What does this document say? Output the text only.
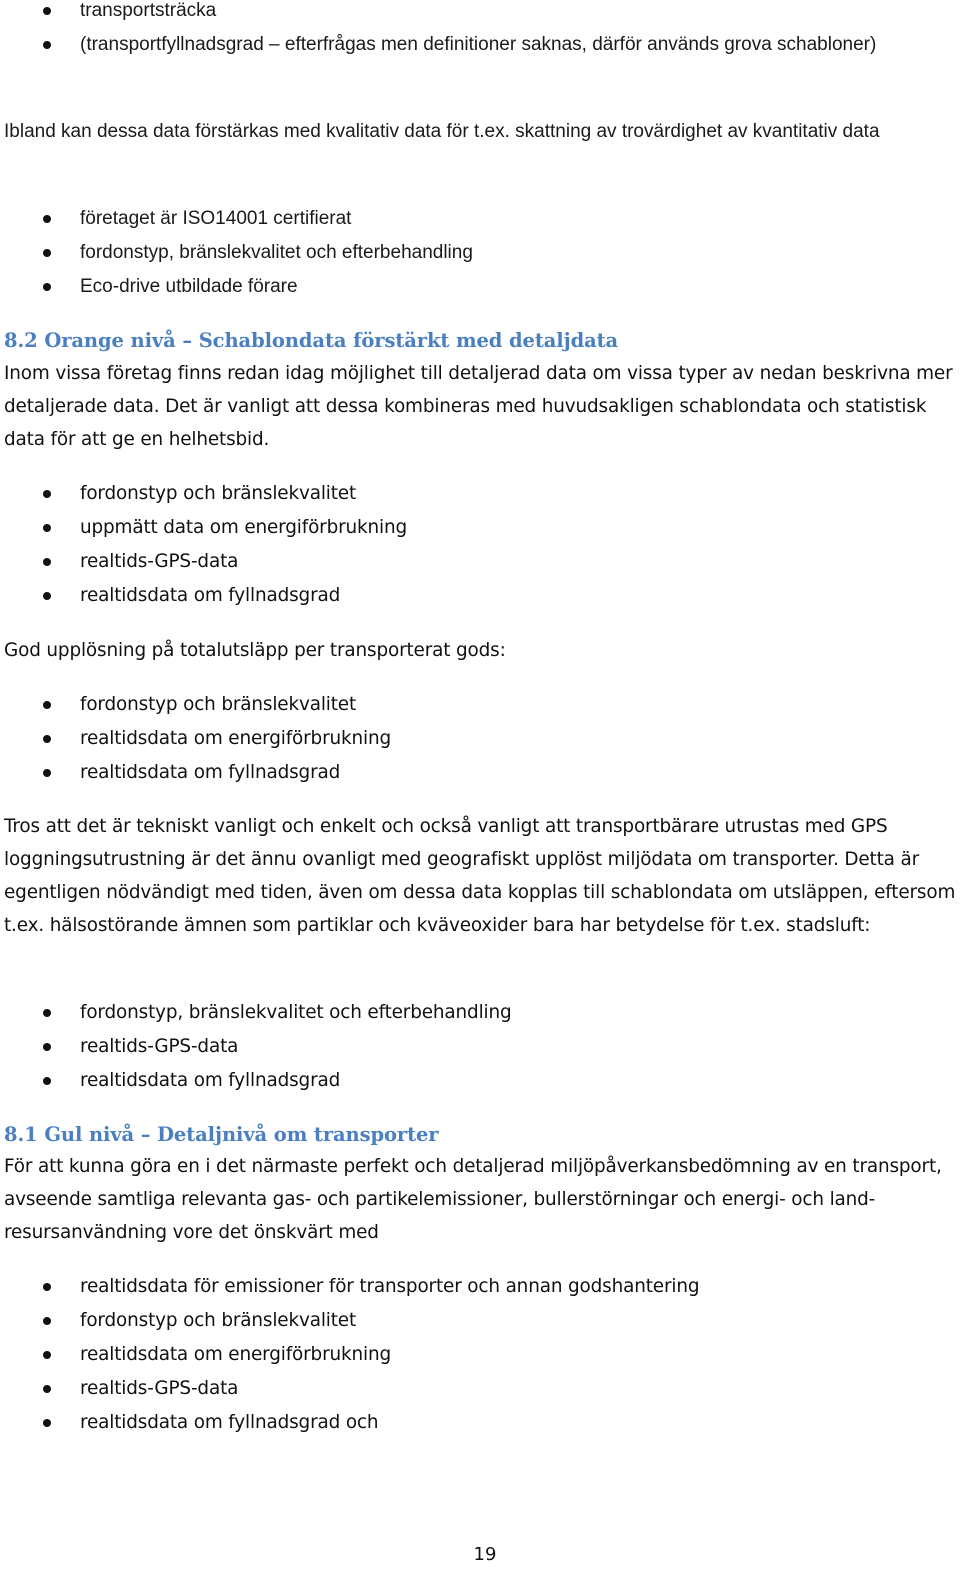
transportsträcka
(transportfyllnadsgrad – efterfrågas men definitioner saknas, därför används grova schabloner)
Ibland kan dessa data förstärkas med kvalitativ data för t.ex. skattning av trovärdighet av kvantitativ data
företaget är ISO14001 certifierat
fordonstyp, bränslekvalitet och efterbehandling
Eco-drive utbildade förare
8.2 Orange nivå – Schablondata förstärkt med detaljdata
Inom vissa företag finns redan idag möjlighet till detaljerad data om vissa typer av nedan beskrivna mer detaljerade data. Det är vanligt att dessa kombineras med huvudsakligen schablondata och statistisk data för att ge en helhetsbid.
fordonstyp och bränslekvalitet
uppmätt data om energiförbrukning
realtids-GPS-data
realtidsdata om fyllnadsgrad
God upplösning på totalutsläpp per transporterat gods:
fordonstyp och bränslekvalitet
realtidsdata om energiförbrukning
realtidsdata om fyllnadsgrad
Tros att det är tekniskt vanligt och enkelt och också vanligt att transportbärare utrustas med GPS loggningsutrustning är det ännu ovanligt med geografiskt upplöst miljödata om transporter. Detta är egentligen nödvändigt med tiden, även om dessa data kopplas till schablondata om utsläppen, eftersom t.ex. hälsostörande ämnen som partiklar och kväveoxider bara har betydelse för t.ex. stadsluft:
fordonstyp, bränslekvalitet och efterbehandling
realtids-GPS-data
realtidsdata om fyllnadsgrad
8.1 Gul nivå – Detaljnivå om transporter
För att kunna göra en i det närmaste perfekt och detaljerad miljöpåverkansbedömning av en transport, avseende samtliga relevanta gas- och partikelemissioner, bullerstörningar och energi- och land-resursanvändning vore det önskvärt med
realtidsdata för emissioner för transporter och annan godshantering
fordonstyp och bränslekvalitet
realtidsdata om energiförbrukning
realtids-GPS-data
realtidsdata om fyllnadsgrad och
19
